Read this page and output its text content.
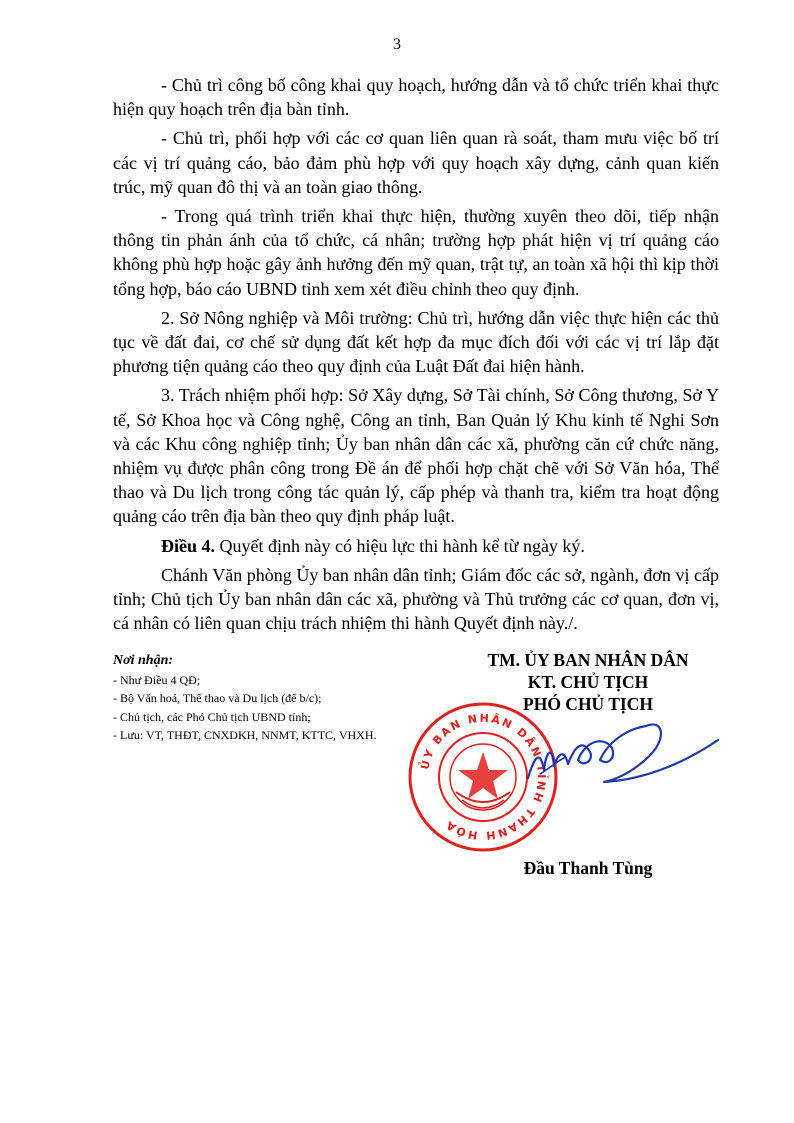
3

- Chủ trì công bố công khai quy hoạch, hướng dẫn và tổ chức triển khai thực hiện quy hoạch trên địa bàn tỉnh.

- Chủ trì, phối hợp với các cơ quan liên quan rà soát, tham mưu việc bố trí các vị trí quảng cáo, bảo đảm phù hợp với quy hoạch xây dựng, cảnh quan kiến trúc, mỹ quan đô thị và an toàn giao thông.

- Trong quá trình triển khai thực hiện, thường xuyên theo dõi, tiếp nhận thông tin phản ánh của tổ chức, cá nhân; trường hợp phát hiện vị trí quảng cáo không phù hợp hoặc gây ảnh hưởng đến mỹ quan, trật tự, an toàn xã hội thì kịp thời tổng hợp, báo cáo UBND tỉnh xem xét điều chỉnh theo quy định.

2. Sở Nông nghiệp và Môi trường: Chủ trì, hướng dẫn việc thực hiện các thủ tục về đất đai, cơ chế sử dụng đất kết hợp đa mục đích đối với các vị trí lắp đặt phương tiện quảng cáo theo quy định của Luật Đất đai hiện hành.

3. Trách nhiệm phối hợp: Sở Xây dựng, Sở Tài chính, Sở Công thương, Sở Y tế, Sở Khoa học và Công nghệ, Công an tỉnh, Ban Quản lý Khu kinh tế Nghi Sơn và các Khu công nghiệp tỉnh; Ủy ban nhân dân các xã, phường căn cứ chức năng, nhiệm vụ được phân công trong Đề án để phối hợp chặt chẽ với Sở Văn hóa, Thể thao và Du lịch trong công tác quản lý, cấp phép và thanh tra, kiểm tra hoạt động quảng cáo trên địa bàn theo quy định pháp luật.

Điều 4. Quyết định này có hiệu lực thi hành kể từ ngày ký.

Chánh Văn phòng Ủy ban nhân dân tỉnh; Giám đốc các sở, ngành, đơn vị cấp tỉnh; Chủ tịch Ủy ban nhân dân các xã, phường và Thủ trưởng các cơ quan, đơn vị, cá nhân có liên quan chịu trách nhiệm thi hành Quyết định này./.

Nơi nhận:
- Như Điều 4 QĐ;
- Bộ Văn hoá, Thể thao và Du lịch (để b/c);
- Chủ tịch, các Phó Chủ tịch UBND tỉnh;
- Lưu: VT, THĐT, CNXDKH, NNMT, KTTC, VHXH.
TM. ỦY BAN NHÂN DÂN
KT. CHỦ TỊCH
PHÓ CHỦ TỊCH
ỦY BAN NHÂN DÂN TỈNH THANH HÓA
Đầu Thanh Tùng
